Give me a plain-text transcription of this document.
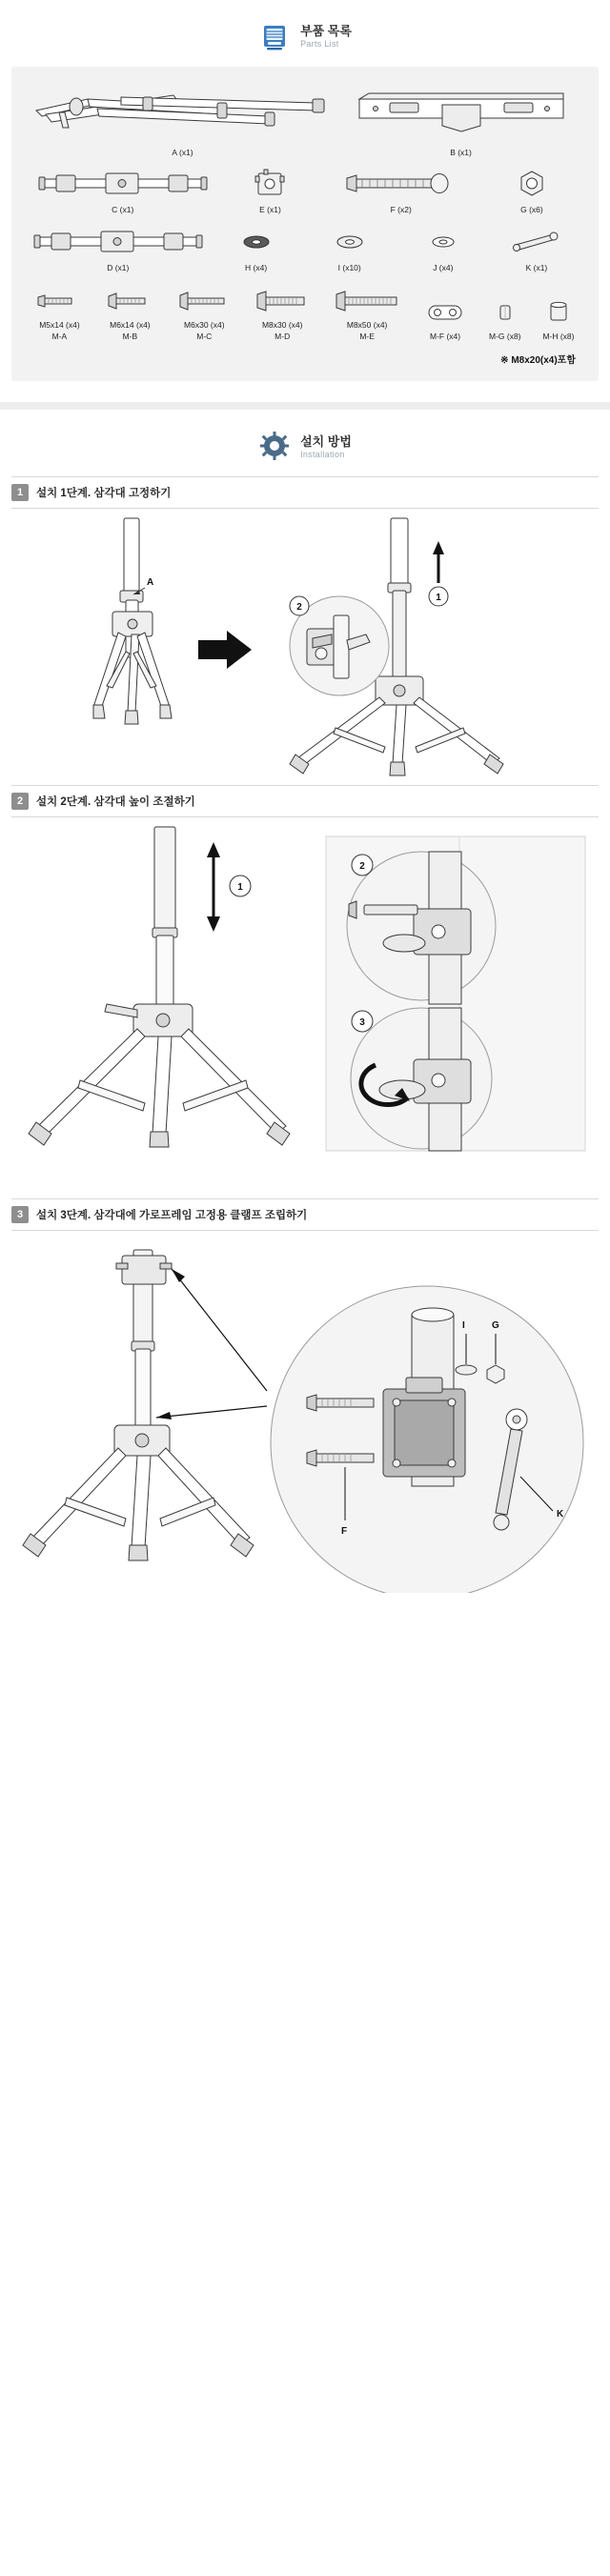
부품 목록
Parts List
A (x1)	B (x1)
C (x1)	E (x1)	F (x2)	G (x6)
D (x1)	H (x4)	I (x10)	J (x4)	K (x1)
M5x14 (x4)
M-A
M6x14 (x4)
M-B
M6x30 (x4)
M-C
M8x30 (x4)
M-D
M8x50 (x4)
M-E	M-F (x4)	M-G (x8)	M-H (x8)
※ M8x20(x4)포함
설치 방법
Installation
1	설치 1단계. 삼각대 고정하기
A
2
1
2	설치 2단계. 삼각대 높이 조절하기
1
2
3
3	설치 3단계. 삼각대에 가로프레임 고정용 클램프 조립하기
I	G
F
K
